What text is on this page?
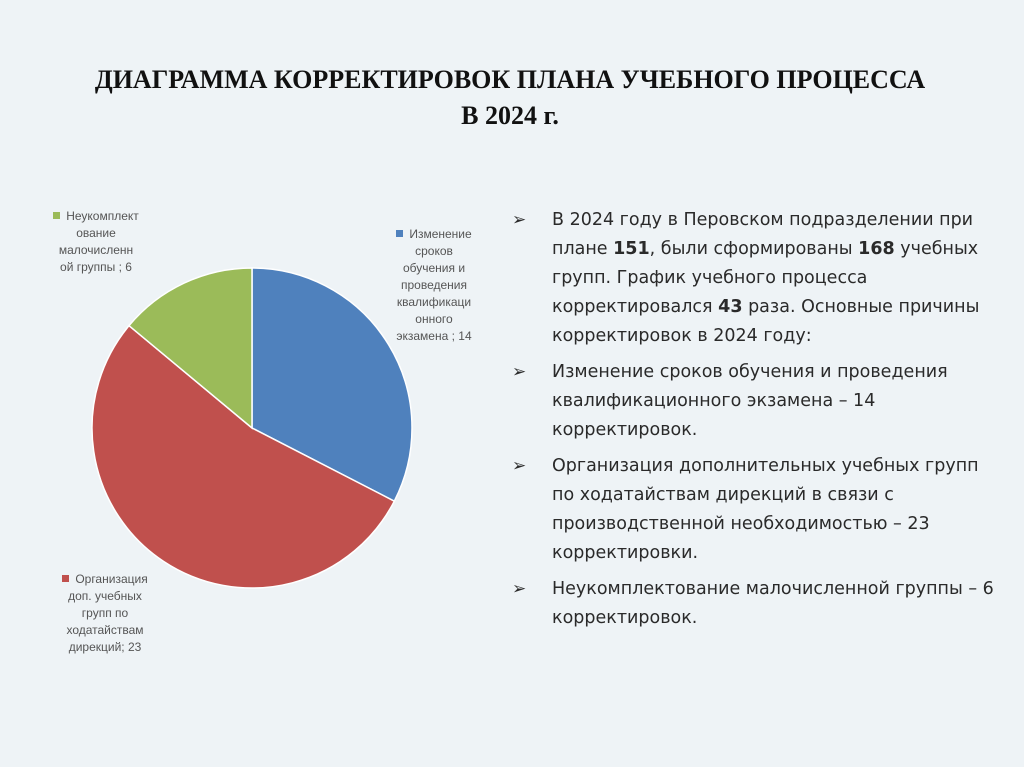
ДИАГРАММА КОРРЕКТИРОВОК ПЛАНА УЧЕБНОГО ПРОЦЕССА
В 2024 г.
Изменение
сроков
обучения и
проведения
квалификаци
онного
экзамена ; 14
Организация
доп. учебных
групп по
ходатайствам
дирекций; 23
Неукомплект
ование
малочисленн
ой группы ; 6
➢ В 2024 году в Перовском подразделении при плане 151, были сформированы 168 учебных групп. График учебного процесса корректировался 43 раза. Основные причины корректировок в 2024 году:
➢ Изменение сроков обучения и проведения квалификационного экзамена – 14 корректировок.
➢ Организация дополнительных учебных групп по ходатайствам дирекций в связи с производственной необходимостью – 23 корректировки.
➢ Неукомплектование малочисленной группы – 6 корректировок.
